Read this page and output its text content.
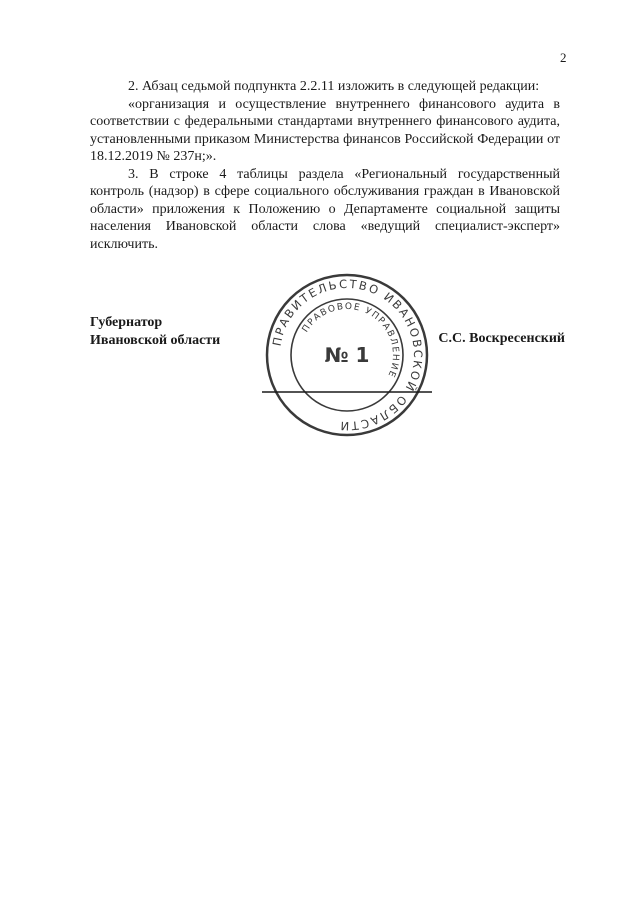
2

2. Абзац седьмой подпункта 2.2.11 изложить в следующей редакции:

«организация и осуществление внутреннего финансового аудита в соответствии с федеральными стандартами внутреннего финансового аудита, установленными приказом Министерства финансов Российской Федерации от 18.12.2019 № 237н;».

3. В строке 4 таблицы раздела «Региональный государственный контроль (надзор) в сфере социального обслуживания граждан в Ивановской области» приложения к Положению о Департаменте социальной защиты населения Ивановской области слова «ведущий специалист-эксперт» исключить.

Губернатор
Ивановской области	С.С. Воскресенский
ПРАВИТЕЛЬСТВО ИВАНОВСКОЙ ОБЛАСТИ
ПРАВОВОЕ УПРАВЛЕНИЕ
№ 1
